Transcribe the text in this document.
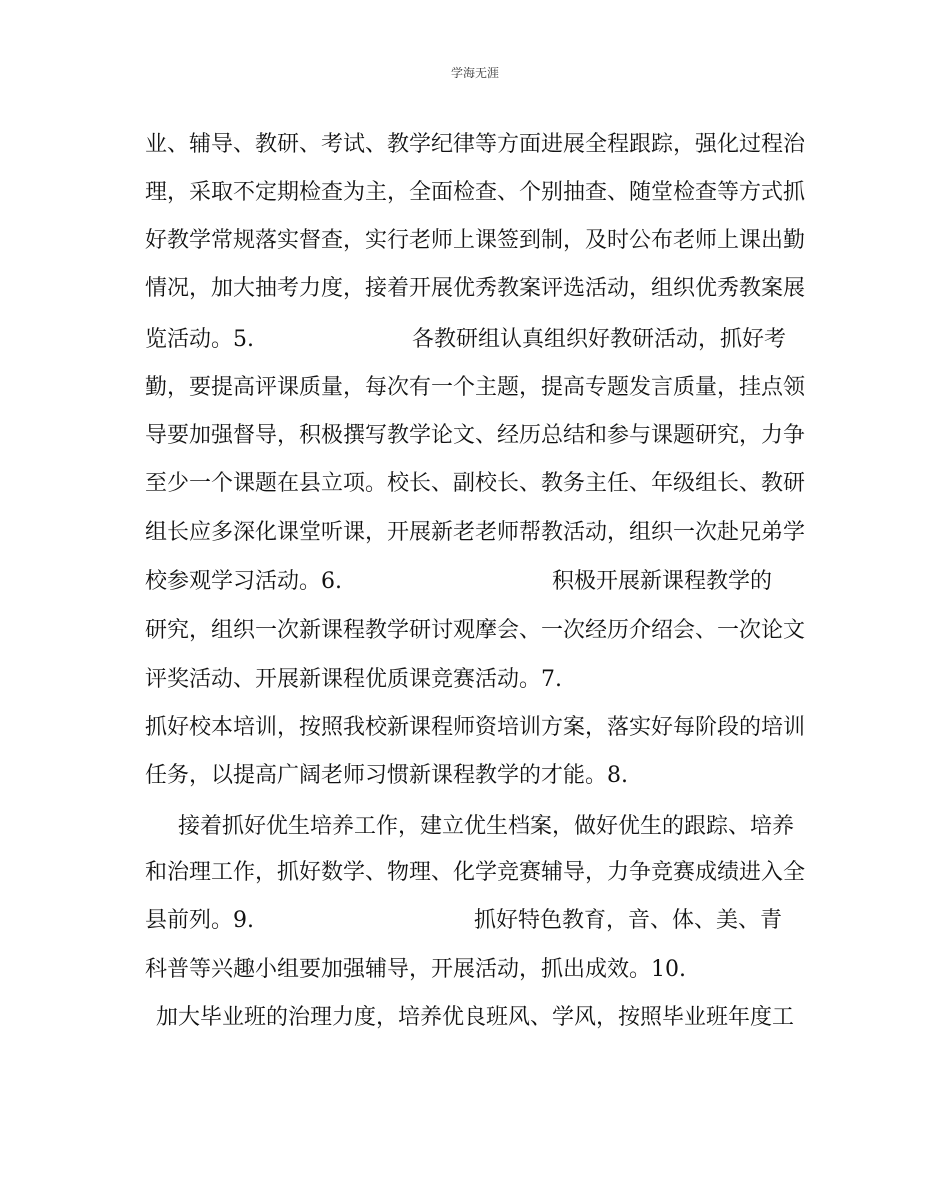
学海无涯
业、辅导、教研、考试、教学纪律等方面进展全程跟踪，强化过程治
理，采取不定期检查为主，全面检查、个别抽查、随堂检查等方式抓
好教学常规落实督查，实行老师上课签到制，及时公布老师上课出勤
情况，加大抽考力度，接着开展优秀教案评选活动，组织优秀教案展
览活动。5.	各教研组认真组织好教研活动，抓好考
勤，要提高评课质量，每次有一个主题，提高专题发言质量，挂点领
导要加强督导，积极撰写教学论文、经历总结和参与课题研究，力争
至少一个课题在县立项。校长、副校长、教务主任、年级组长、教研
组长应多深化课堂听课，开展新老老师帮教活动，组织一次赴兄弟学
校参观学习活动。6.	积极开展新课程教学的
研究，组织一次新课程教学研讨观摩会、一次经历介绍会、一次论文
评奖活动、开展新课程优质课竞赛活动。7.
抓好校本培训，按照我校新课程师资培训方案，落实好每阶段的培训
任务，以提高广阔老师习惯新课程教学的才能。8.
接着抓好优生培养工作，建立优生档案，做好优生的跟踪、培养
和治理工作，抓好数学、物理、化学竞赛辅导，力争竞赛成绩进入全
县前列。9.	抓好特色教育，音、体、美、青
科普等兴趣小组要加强辅导，开展活动，抓出成效。10.
加大毕业班的治理力度，培养优良班风、学风，按照毕业班年度工
